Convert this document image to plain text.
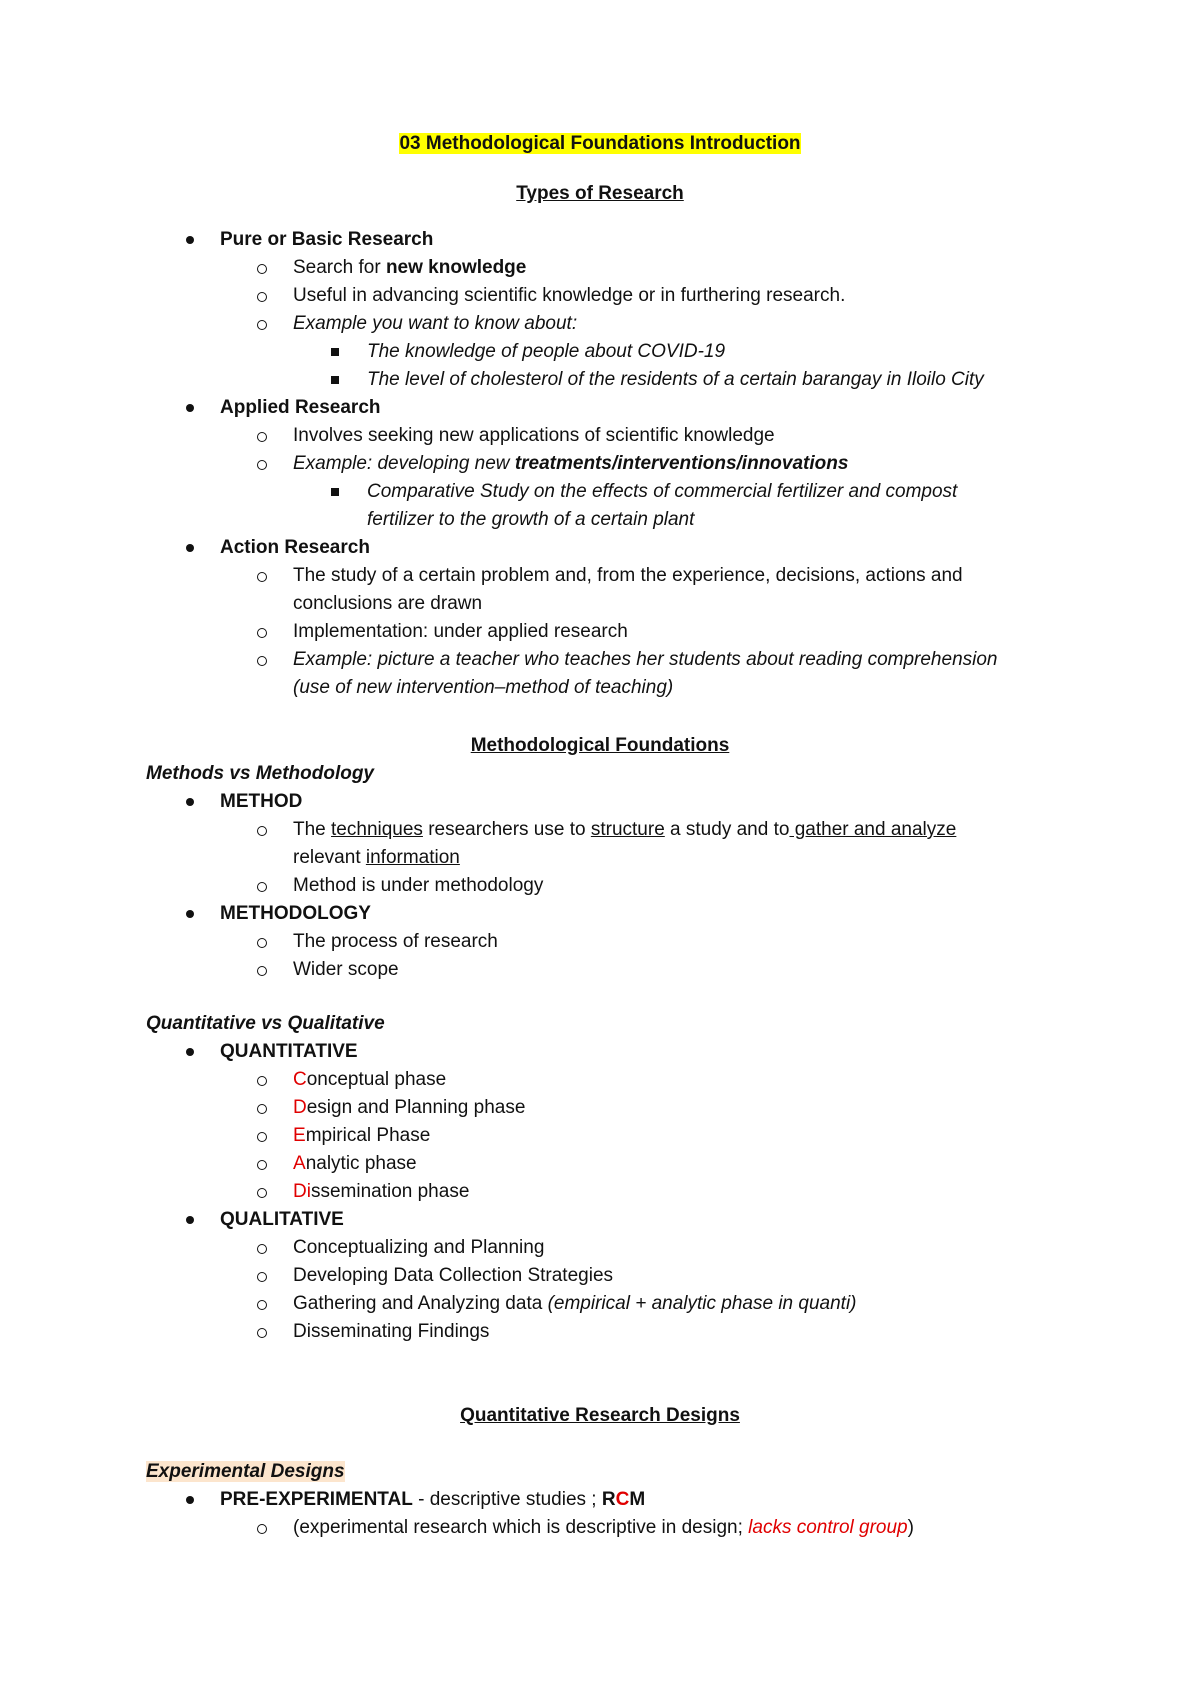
03 Methodological Foundations Introduction
Types of Research
Pure or Basic Research
Search for new knowledge
Useful in advancing scientific knowledge or in furthering research.
Example you want to know about:
The knowledge of people about COVID-19
The level of cholesterol of the residents of a certain barangay in Iloilo City
Applied Research
Involves seeking new applications of scientific knowledge
Example: developing new treatments/interventions/innovations
Comparative Study on the effects of commercial fertilizer and compost
fertilizer to the growth of a certain plant
Action Research
The study of a certain problem and, from the experience, decisions, actions and
conclusions are drawn
Implementation: under applied research
Example: picture a teacher who teaches her students about reading comprehension
(use of new intervention–method of teaching)
Methodological Foundations
Methods vs Methodology
METHOD
The techniques researchers use to structure a study and to gather and analyze
relevant information
Method is under methodology
METHODOLOGY
The process of research
Wider scope
Quantitative vs Qualitative
QUANTITATIVE
Conceptual phase
Design and Planning phase
Empirical Phase
Analytic phase
Dissemination phase
QUALITATIVE
Conceptualizing and Planning
Developing Data Collection Strategies
Gathering and Analyzing data (empirical + analytic phase in quanti)
Disseminating Findings
Quantitative Research Designs
Experimental Designs
PRE-EXPERIMENTAL - descriptive studies ; RCM
(experimental research which is descriptive in design; lacks control group)
